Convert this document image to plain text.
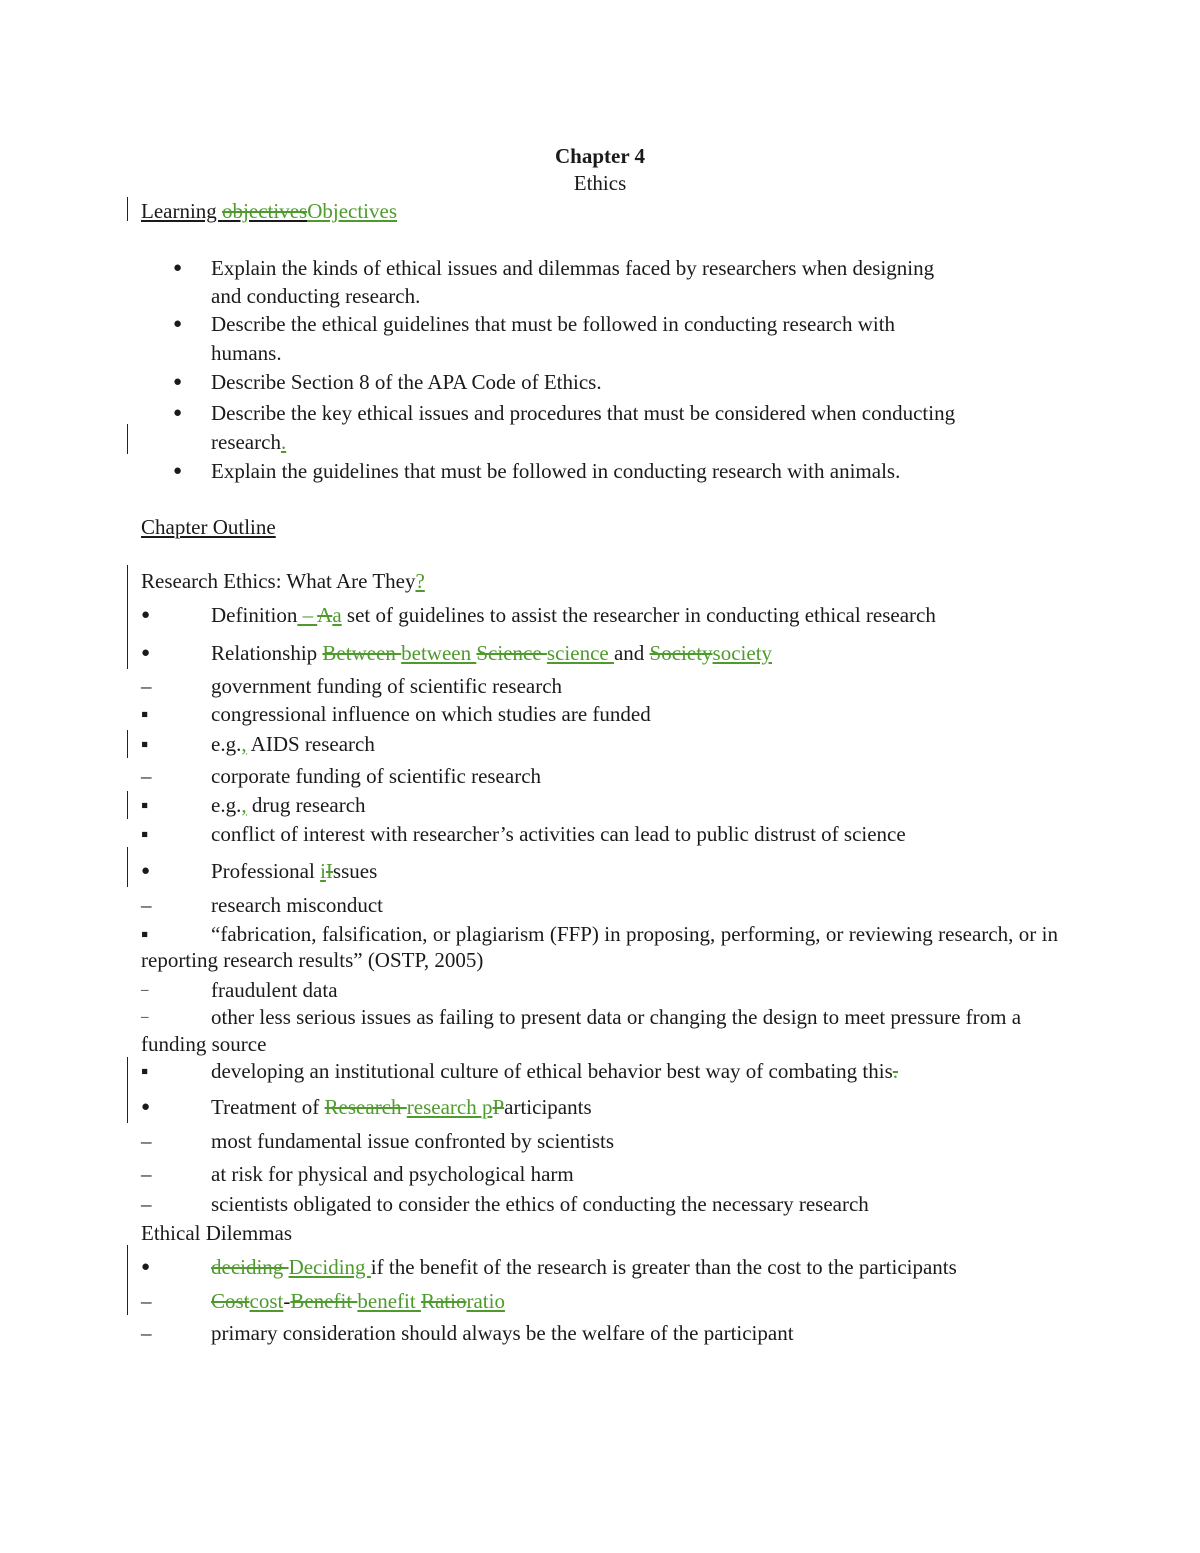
Chapter 4
Ethics
Learning objectivesObjectives
●	Explain the kinds of ethical issues and dilemmas faced by researchers when designing
and conducting research.
●	Describe the ethical guidelines that must be followed in conducting research with
humans.
●	Describe Section 8 of the APA Code of Ethics.
●	Describe the key ethical issues and procedures that must be considered when conducting
research.
●	Explain the guidelines that must be followed in conducting research with animals.
Chapter Outline
Research Ethics: What Are They?
●	Definition – Aa set of guidelines to assist the researcher in conducting ethical research
●	Relationship Between between Science science and Societysociety
–	government funding of scientific research
▪	congressional influence on which studies are funded
▪	e.g., AIDS research
–	corporate funding of scientific research
▪	e.g., drug research
▪	conflict of interest with researcher’s activities can lead to public distrust of science
●	Professional iIssues
–	research misconduct
▪	“fabrication, falsification, or plagiarism (FFP) in proposing, performing, or reviewing research, or in reporting research results” (OSTP, 2005)
–	fraudulent data
–	other less serious issues as failing to present data or changing the design to meet pressure from a funding source
▪	developing an institutional culture of ethical behavior best way of combating this.
●	Treatment of Research research pParticipants
–	most fundamental issue confronted by scientists
–	at risk for physical and psychological harm
–	scientists obligated to consider the ethics of conducting the necessary research
Ethical Dilemmas
●	deciding Deciding if the benefit of the research is greater than the cost to the participants
–	Costcost-Benefit benefit Ratioratio
–	primary consideration should always be the welfare of the participant
